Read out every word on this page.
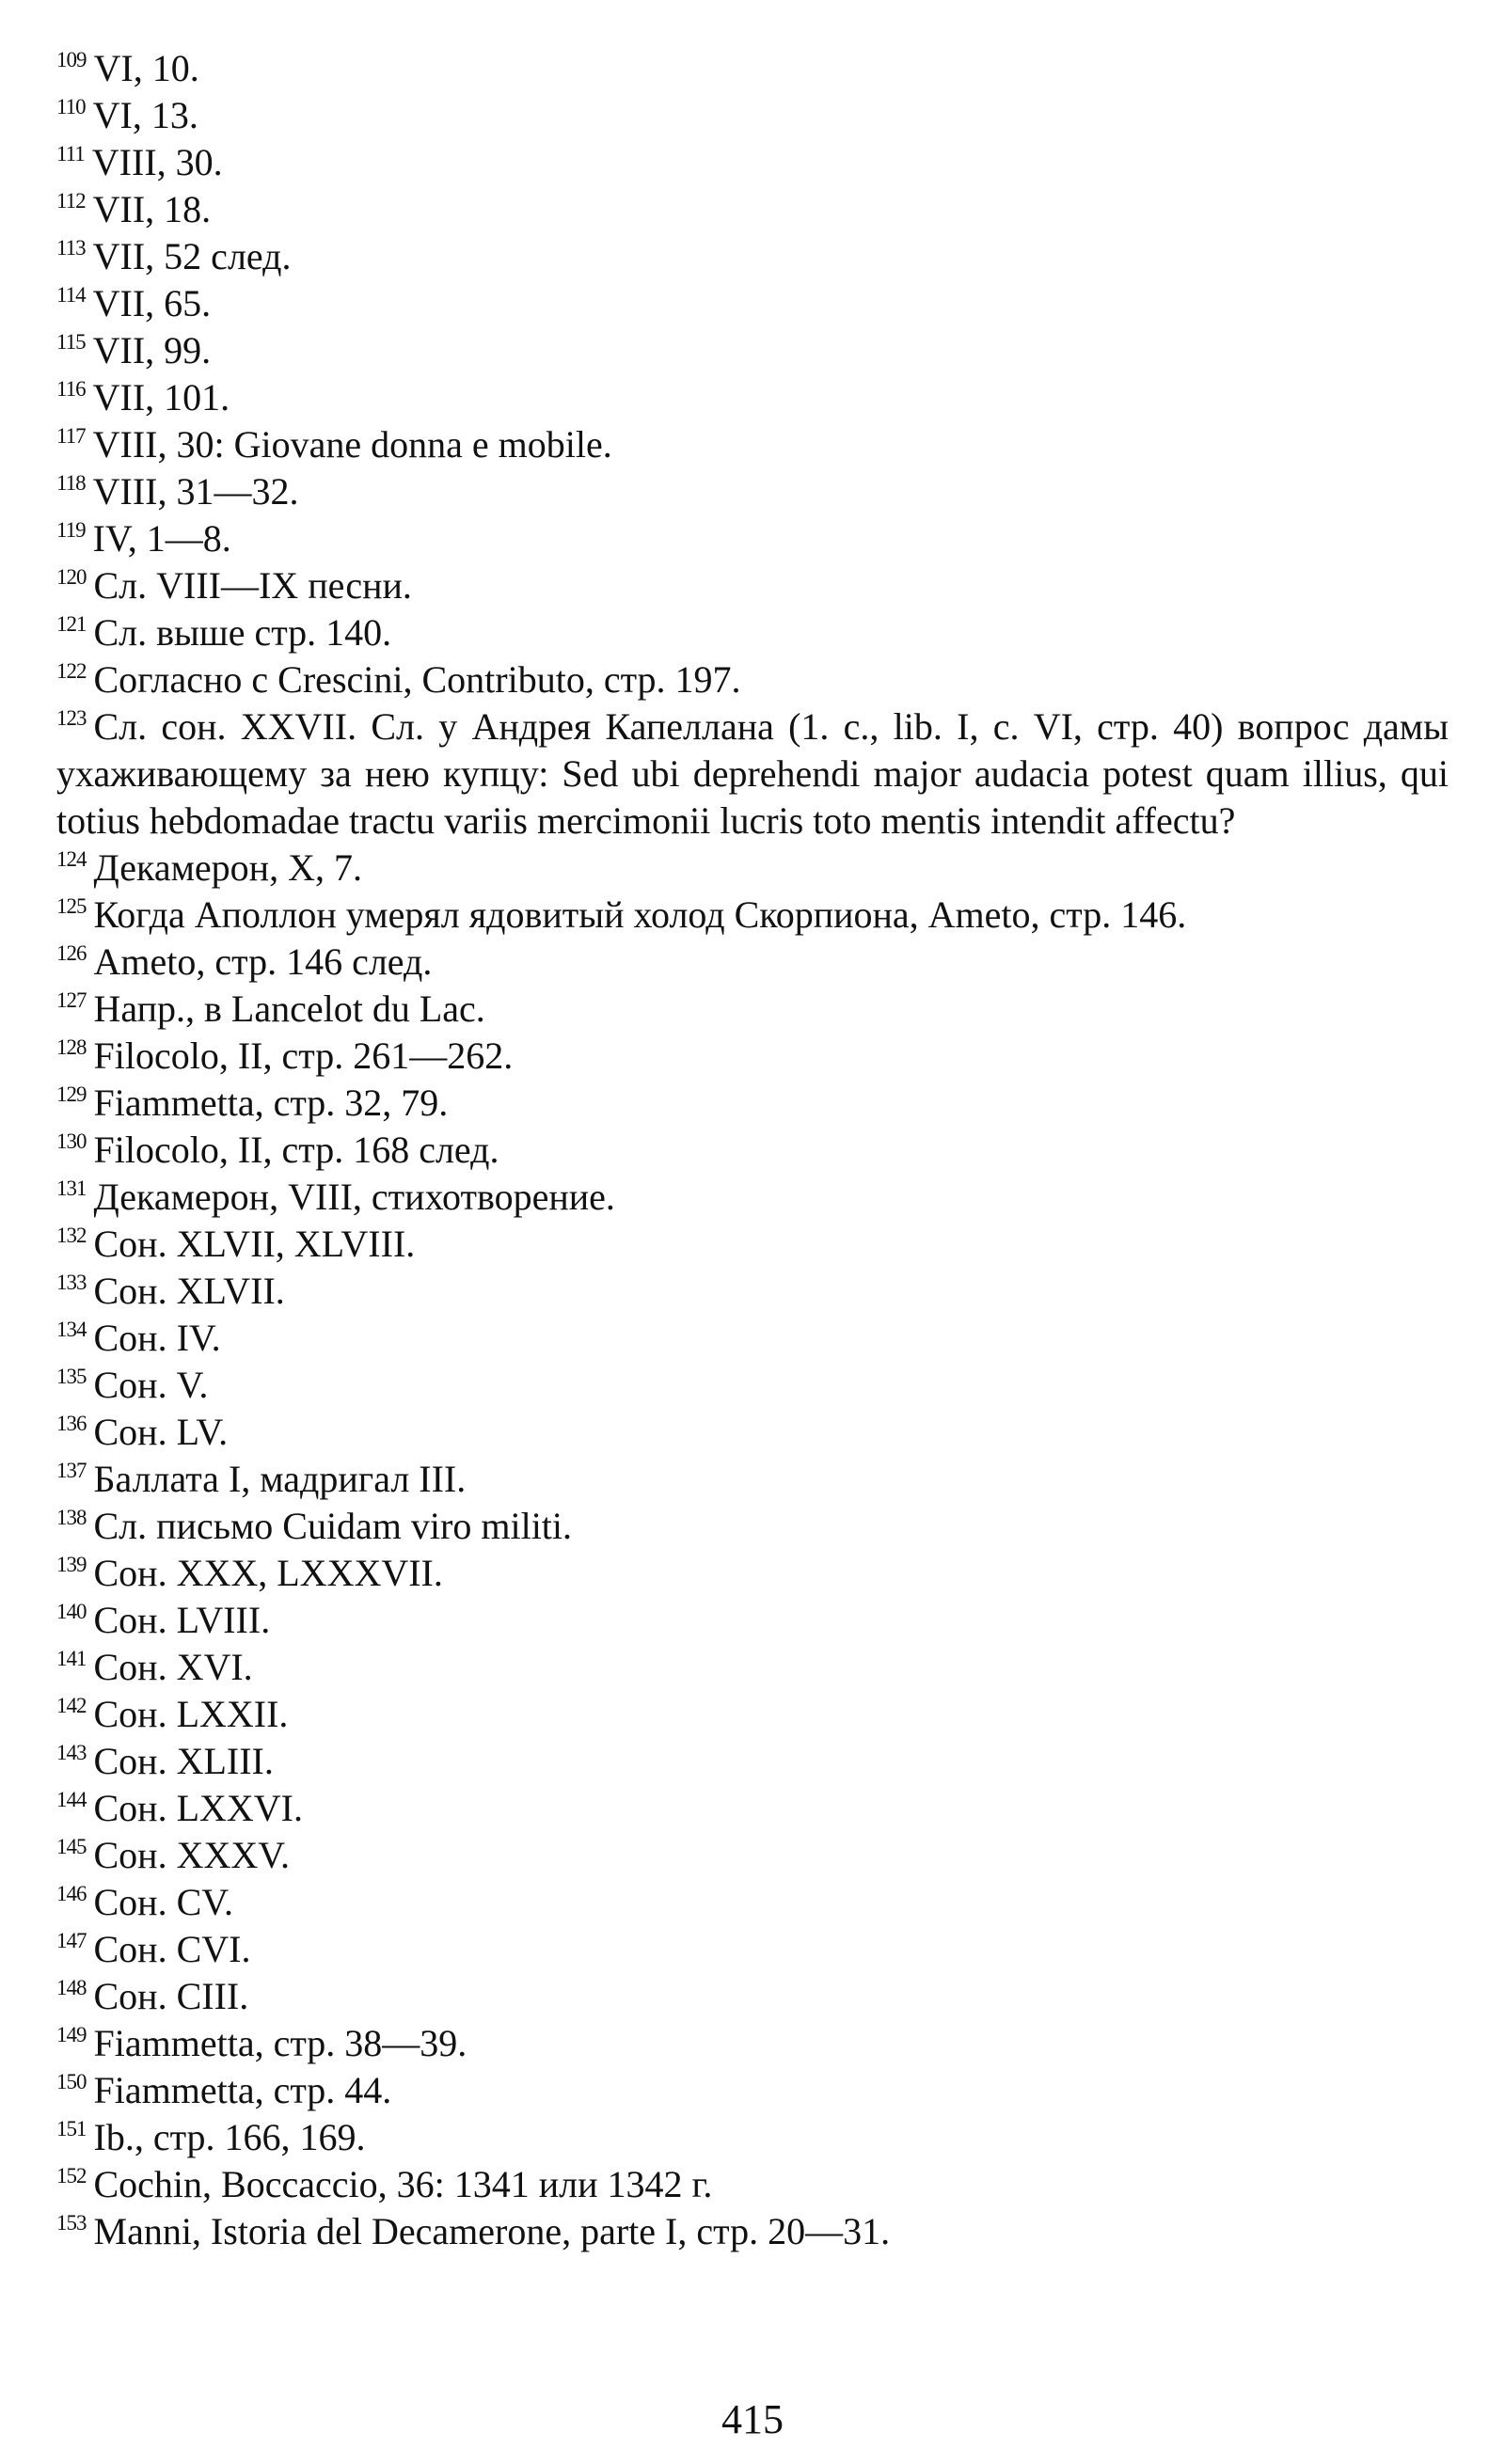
$^{109}$ VI, 10.
$^{110}$ VI, 13.
$^{111}$ VIII, 30.
$^{112}$ VII, 18.
$^{113}$ VII, 52 след.
$^{114}$ VII, 65.
$^{115}$ VII, 99.
$^{116}$ VII, 101.
$^{117}$ VIII, 30: Giovane donna e mobile.
$^{118}$ VIII, 31—32.
$^{119}$ IV, 1—8.
$^{120}$ Сл. VIII—IX песни.
$^{121}$ Сл. выше стр. 140.
$^{122}$ Согласно с Crescini, Contributo, стр. 197.
$^{123}$ Сл. сон. XXVII. Сл. у Андрея Капеллана (1. с., lib. I, с. VI, стр. 40) вопрос дамы ухаживающему за нею купцу: Sed ubi deprehendi major audacia potest quam illius, qui totius hebdomadae tractu variis mercimonii lucris toto mentis intendit affectu?
$^{124}$ Декамерон, X, 7.
$^{125}$ Когда Аполлон умерял ядовитый холод Скорпиона, Ameto, стр. 146.
$^{126}$ Ameto, стр. 146 след.
$^{127}$ Напр., в Lancelot du Lac.
$^{128}$ Filocolo, II, стр. 261—262.
$^{129}$ Fiammetta, стр. 32, 79.
$^{130}$ Filocolo, II, стр. 168 след.
$^{131}$ Декамерон, VIII, стихотворение.
$^{132}$ Сон. XLVII, XLVIII.
$^{133}$ Сон. XLVII.
$^{134}$ Сон. IV.
$^{135}$ Сон. V.
$^{136}$ Сон. LV.
$^{137}$ Баллата I, мадригал III.
$^{138}$ Сл. письмо Cuidam viro militi.
$^{139}$ Сон. XXX, LXXXVII.
$^{140}$ Сон. LVIII.
$^{141}$ Сон. XVI.
$^{142}$ Сон. LXXII.
$^{143}$ Сон. XLIII.
$^{144}$ Сон. LXXVI.
$^{145}$ Сон. XXXV.
$^{146}$ Сон. CV.
$^{147}$ Сон. CVI.
$^{148}$ Сон. CIII.
$^{149}$ Fiammetta, стр. 38—39.
$^{150}$ Fiammetta, стр. 44.
$^{151}$ Ib., стр. 166, 169.
$^{152}$ Cochin, Boccaccio, 36: 1341 или 1342 г.
$^{153}$ Manni, Istoria del Decamerone, parte I, стр. 20—31.
415
